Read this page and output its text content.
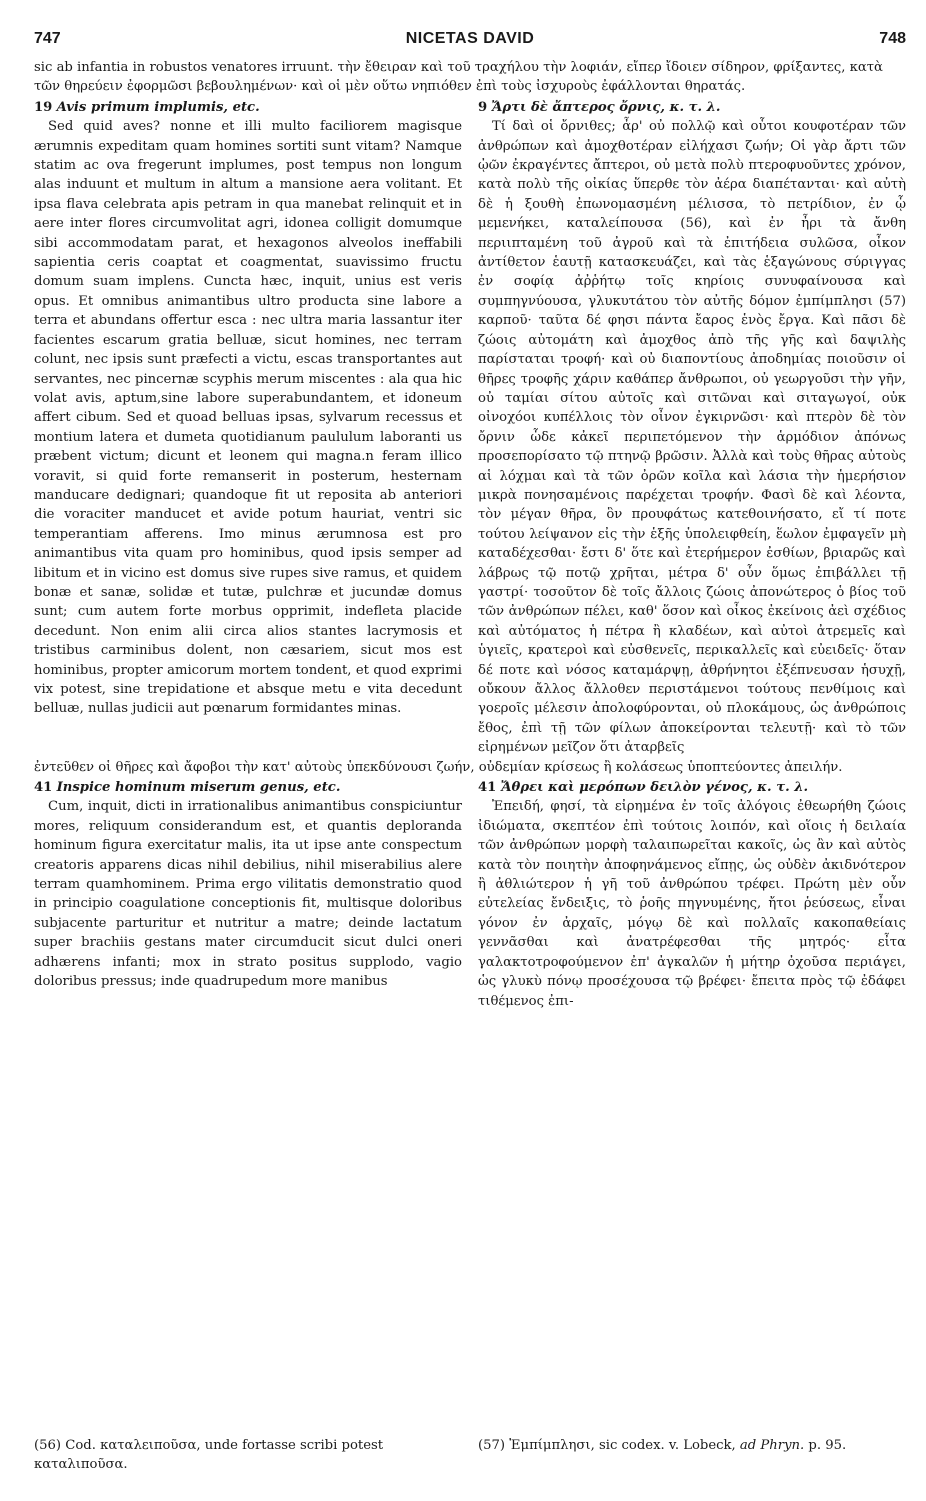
747	NICETAS DAVID	748

sic ab infantia in robustos venatores irruunt. τὴν ἔθειραν καὶ τοῦ τραχήλου τὴν λοφιάν, εἴπερ ἴδοιεν σίδηρον, φρίξαντες, κατὰ τῶν θηρεύειν ἐφορμῶσι βεβουλημένων· καὶ οἱ μὲν οὕτω νηπιόθεν ἐπὶ τοὺς ἰσχυροὺς ἐφάλλονται θηρατάς.

19 Avis primum implumis, etc.

Sed quid aves? nonne et illi multo faciliorem magisque ærumnis expeditam quam homines sortiti sunt vitam? Namque statim ac ova fregerunt implumes, post tempus non longum alas induunt et multum in altum a mansione aera volitant. Et ipsa flava celebrata apis petram in qua manebat relinquit et in aere inter flores circumvolitat agri, idonea colligit domumque sibi accommodatam parat, et hexagonos alveolos ineffabili sapientia ceris coaptat et coagmentat, suavissimo fructu domum suam implens. Cuncta hæc, inquit, unius est veris opus. Et omnibus animantibus ultro producta sine labore a terra et abundans offertur esca : nec ultra maria lassantur iter facientes escarum gratia belluæ, sicut homines, nec terram colunt, nec ipsis sunt præfecti a victu, escas transportantes aut servantes, nec pincernæ scyphis merum miscentes : ala qua hic volat avis, aptum,sine labore superabundantem, et idoneum affert cibum. Sed et quoad belluas ipsas, sylvarum recessus et montium latera et dumeta quotidianum paululum laboranti us præbent victum; dicunt et leonem qui magna.n feram illico voravit, si quid forte remanserit in posterum, hesternam manducare dedignari; quandoque fit ut reposita ab anteriori die voraciter manducet et avide potum hauriat, ventri sic temperantiam afferens. Imo minus ærumnosa est pro animantibus vita quam pro hominibus, quod ipsis semper ad libitum et in vicino est domus sive rupes sive ramus, et quidem bonæ et sanæ, solidæ et tutæ, pulchræ et jucundæ domus sunt; cum autem forte morbus opprimit, indefleta placide decedunt. Non enim alii circa alios stantes lacrymosis et tristibus carminibus dolent, non cæsariem, sicut mos est hominibus, propter amicorum mortem tondent, et quod exprimi vix potest, sine trepidatione et absque metu e vita decedunt belluæ, nullas judicii aut pœnarum formidantes minas.

9 Ἄρτι δὲ ἄπτερος ὄρνις, κ. τ. λ.

Τί δαὶ οἱ ὄρνιθες; ἆρ' οὐ πολλῷ καὶ οὗτοι κουφοτέραν τῶν ἀνθρώπων καὶ ἀμοχθοτέραν εἰλήχασι ζωήν; Οἱ γὰρ ἄρτι τῶν ᾠῶν ἐκραγέντες ἄπτεροι, οὐ μετὰ πολὺ πτεροφυοῦντες χρόνον, κατὰ πολὺ τῆς οἰκίας ὕπερθε τὸν ἀέρα διαπέτανται· καὶ αὐτὴ δὲ ἡ ξουθὴ ἐπωνομασμένη μέλισσα, τὸ πετρίδιον, ἐν ᾧ μεμενήκει, καταλείπουσα (56), καὶ ἐν ἦρι τὰ ἄνθη περιιπταμένη τοῦ ἀγροῦ καὶ τὰ ἐπιτήδεια συλῶσα, οἶκον ἀντίθετον ἑαυτῇ κατασκευάζει, καὶ τὰς ἑξαγώνους σύριγγας ἐν σοφίᾳ ἀῤῥήτῳ τοῖς κηρίοις συνυφαίνουσα καὶ συμπηγνύουσα, γλυκυτάτου τὸν αὐτῆς δόμον ἐμπίμπλησι (57) καρποῦ· ταῦτα δέ φησι πάντα ἔαρος ἑνὸς ἔργα. Καὶ πᾶσι δὲ ζώοις αὐτομάτη καὶ ἀμοχθος ἀπὸ τῆς γῆς καὶ δαψιλὴς παρίσταται τροφή· καὶ οὐ διαποντίους ἀποδημίας ποιοῦσιν οἱ θῆρες τροφῆς χάριν καθάπερ ἄνθρωποι, οὐ γεωργοῦσι τὴν γῆν, οὐ ταμίαι σίτου αὐτοῖς καὶ σιτῶναι καὶ σιταγωγοί, οὐκ οἰνοχόοι κυπέλλοις τὸν οἶνον ἐγκιρνῶσι· καὶ πτερὸν δὲ τὸν ὄρνιν ὧδε κἀκεῖ περιπετόμενον τὴν ἁρμόδιον ἀπόνως προσεπορίσατο τῷ πτηνῷ βρῶσιν. Ἀλλὰ καὶ τοὺς θῆρας αὐτοὺς αἱ λόχμαι καὶ τὰ τῶν ὀρῶν κοῖλα καὶ λάσια τὴν ἡμερήσιον μικρὰ πονησαμένοις παρέχεται τροφήν. Φασὶ δὲ καὶ λέοντα, τὸν μέγαν θῆρα, ὃν προυφάτως κατεθοινήσατο, εἴ τί ποτε τούτου λείψανον εἰς τὴν ἑξῆς ὑπολειφθείη, ἕωλον ἐμφαγεῖν μὴ καταδέχεσθαι· ἔστι δ' ὅτε καὶ ἐτερήμερον ἐσθίων, βριαρῶς καὶ λάβρως τῷ ποτῷ χρῆται, μέτρα δ' οὖν ὅμως ἐπιβάλλει τῇ γαστρί· τοσοῦτον δὲ τοῖς ἄλλοις ζώοις ἀπονώτερος ὁ βίος τοῦ τῶν ἀνθρώπων πέλει, καθ' ὅσον καὶ οἶκος ἐκείνοις ἀεὶ σχέδιος καὶ αὐτόματος ἡ πέτρα ἢ κλαδέων, καὶ αὐτοὶ ἀτρεμεῖς καὶ ὑγιεῖς, κρατεροὶ καὶ εὐσθενεῖς, περικαλλεῖς καὶ εὐειδεῖς· ὅταν δέ ποτε καὶ νόσος καταμάρψῃ, ἀθρήνητοι ἐξέπνευσαν ἡσυχῇ, οὔκουν ἄλλος ἄλλοθεν περιστάμενοι τούτους πενθίμοις καὶ γοεροῖς μέλεσιν ἀπολοφύρονται, οὐ πλοκάμους, ὡς ἀνθρώποις ἔθος, ἐπὶ τῇ τῶν φίλων ἀποκείρονται τελευτῇ· καὶ τὸ τῶν εἰρημένων μεῖζον ὅτι ἀταρβεῖς

ἐντεῦθεν οἱ θῆρες καὶ ἄφοβοι τὴν κατ' αὐτοὺς ὑπεκδύνουσι ζωήν, οὐδεμίαν κρίσεως ἢ κολάσεως ὑποπτεύοντες ἀπειλήν.

41 Inspice hominum miserum genus, etc.

Cum, inquit, dicti in irrationalibus animantibus conspiciuntur mores, reliquum considerandum est, et quantis deploranda hominum figura exercitatur malis, ita ut ipse ante conspectum creatoris apparens dicas nihil debilius, nihil miserabilius alere terram quamhominem. Prima ergo vilitatis demonstratio quod in principio coagulatione conceptionis fit, multisque doloribus subjacente parturitur et nutritur a matre; deinde lactatum super brachiis gestans mater circumducit sicut dulci oneri adhærens infanti; mox in strato positus supplodo, vagio doloribus pressus; inde quadrupedum more manibus

41 Ἄθρει καὶ μερόπων δειλὸν γένος, κ. τ. λ.

Ἐπειδή, φησί, τὰ εἰρημένα ἐν τοῖς ἀλόγοις ἐθεωρήθη ζώοις ἰδιώματα, σκεπτέον ἐπὶ τούτοις λοιπόν, καὶ οἵοις ἡ δειλαία τῶν ἀνθρώπων μορφὴ ταλαιπωρεῖται κακοῖς, ὡς ἂν καὶ αὐτὸς κατὰ τὸν ποιητὴν ἀποφηνάμενος εἴπῃς, ὡς οὐδὲν ἀκιδνότερον ἢ ἀθλιώτερον ἡ γῆ τοῦ ἀνθρώπου τρέφει. Πρώτη μὲν οὖν εὐτελείας ἔνδειξις, τὸ ῥοῆς πηγνυμένης, ἤτοι ῥεύσεως, εἶναι γόνον ἐν ἀρχαῖς, μόγῳ δὲ καὶ πολλαῖς κακοπαθείαις γεννᾶσθαι καὶ ἀνατρέφεσθαι τῆς μητρός· εἶτα γαλακτοτροφούμενον ἐπ' ἀγκαλῶν ἡ μήτηρ ὀχοῦσα περιάγει, ὡς γλυκὺ πόνῳ προσέχουσα τῷ βρέφει· ἔπειτα πρὸς τῷ ἐδάφει τιθέμενος ἐπι-

(56) Cod. καταλειποῦσα, unde fortasse scribi potest καταλιποῦσα.
(57) Ἐμπίμπλησι, sic codex. v. Lobeck, ad Phryn. p. 95.
